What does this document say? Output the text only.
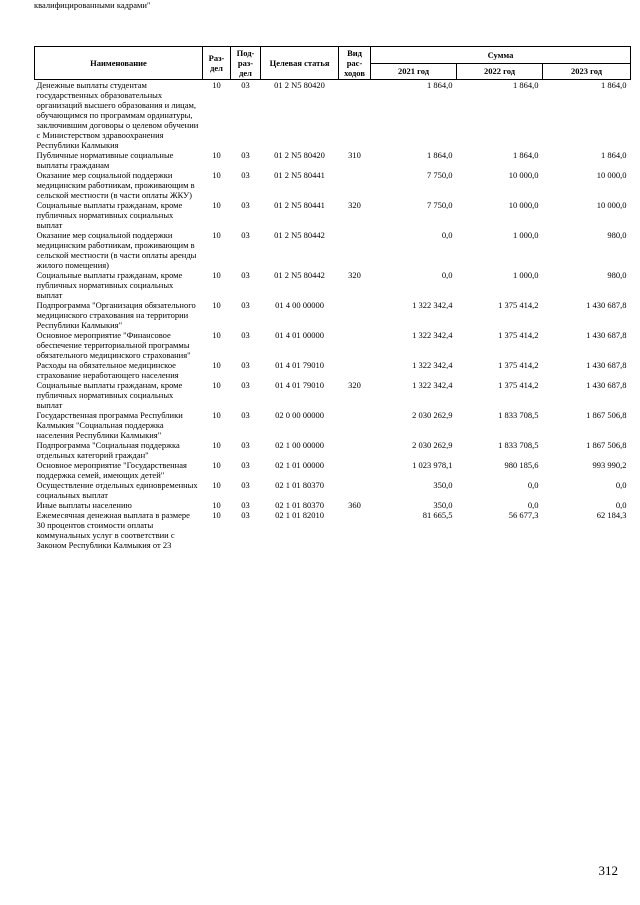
квалифицированными кадрами"
Наименование	Раз-дел	Под-раз-дел	Целевая статья	Вид рас-ходов	Сумма		
					2021 год	2022 год	2023 год
Денежные выплаты студентам государственных образовательных организаций высшего образования и лицам, обучающимся по программам ординатуры, заключившим договоры о целевом обучении с Министерством здравоохранения Республики Калмыкия	10	03	01 2 N5 80420		1 864,0	1 864,0	1 864,0
Публичные нормативные социальные выплаты гражданам	10	03	01 2 N5 80420	310	1 864,0	1 864,0	1 864,0
Оказание мер социальной поддержки медицинским работникам, проживающим в сельской местности (в части оплаты ЖКУ)	10	03	01 2 N5 80441		7 750,0	10 000,0	10 000,0
Социальные выплаты гражданам, кроме публичных нормативных социальных выплат	10	03	01 2 N5 80441	320	7 750,0	10 000,0	10 000,0
Оказание мер социальной поддержки медицинским работникам, проживающим в сельской местности (в части оплаты аренды жилого помещения)	10	03	01 2 N5 80442		0,0	1 000,0	980,0
Социальные выплаты гражданам, кроме публичных нормативных социальных выплат	10	03	01 2 N5 80442	320	0,0	1 000,0	980,0
Подпрограмма "Организация обязательного медицинского страхования на территории Республики Калмыкия"	10	03	01 4 00 00000		1 322 342,4	1 375 414,2	1 430 687,8
Основное мероприятие "Финансовое обеспечение территориальной программы обязательного медицинского страхования"	10	03	01 4 01 00000		1 322 342,4	1 375 414,2	1 430 687,8
Расходы на обязательное медицинское страхование неработающего населения	10	03	01 4 01 79010		1 322 342,4	1 375 414,2	1 430 687,8
Социальные выплаты гражданам, кроме публичных нормативных социальных выплат	10	03	01 4 01 79010	320	1 322 342,4	1 375 414,2	1 430 687,8
Государственная программа Республики Калмыкия "Социальная поддержка населения Республики Калмыкия"	10	03	02 0 00 00000		2 030 262,9	1 833 708,5	1 867 506,8
Подпрограмма "Социальная поддержка отдельных категорий граждан"	10	03	02 1 00 00000		2 030 262,9	1 833 708,5	1 867 506,8
Основное мероприятие "Государственная поддержка семей, имеющих детей"	10	03	02 1 01 00000		1 023 978,1	980 185,6	993 990,2
Осуществление отдельных единовременных социальных выплат	10	03	02 1 01 80370		350,0	0,0	0,0
Иные выплаты населению	10	03	02 1 01 80370	360	350,0	0,0	0,0
Ежемесячная денежная выплата в размере 30 процентов стоимости оплаты коммунальных услуг в соответствии с Законом Республики Калмыкия от 23	10	03	02 1 01 82010		81 665,5	56 677,3	62 184,3
312
